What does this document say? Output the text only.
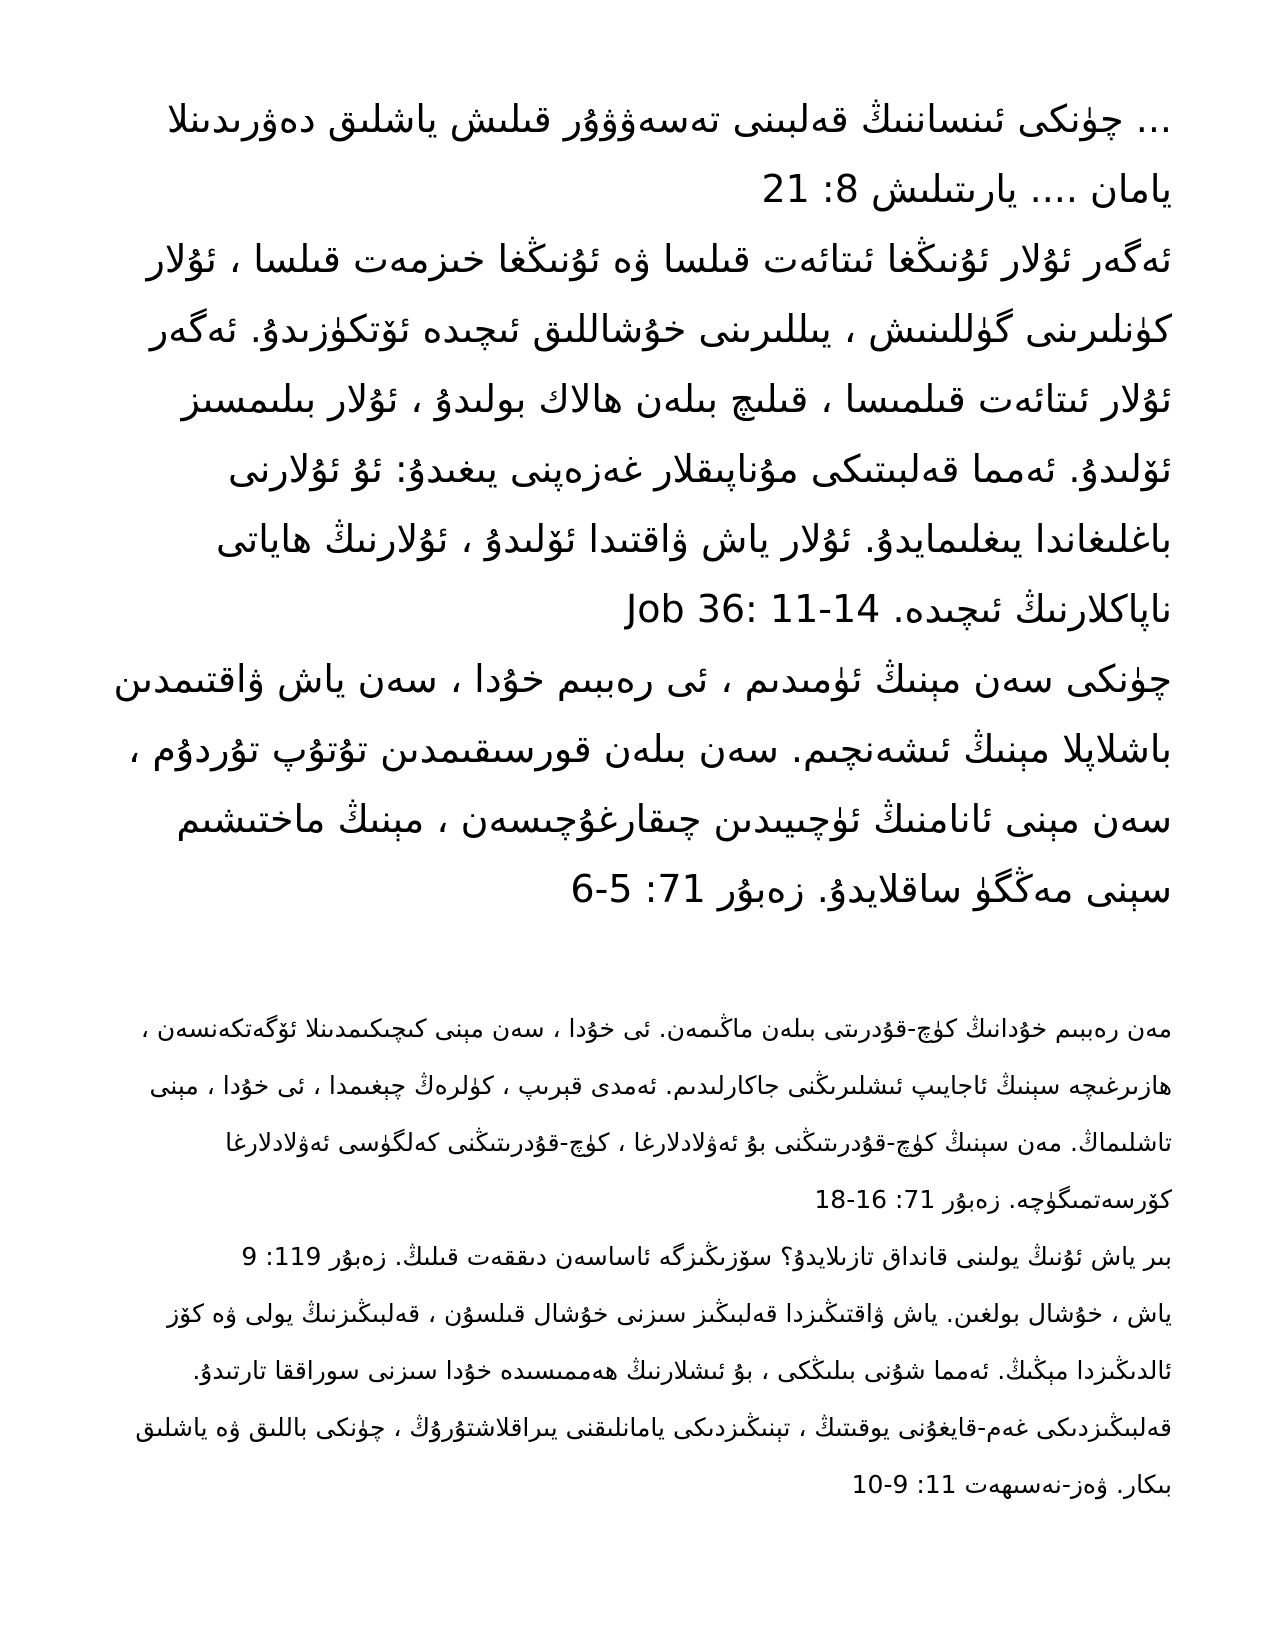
... چۈنكى ئىنساننىڭ قەلبىنى تەسەۋۋۇر قىلىش ياشلىق دەۋرىدىنلا يامان .... يارىتىلىش 8: 21

ئەگەر ئۇلار ئۇنىڭغا ئىتائەت قىلسا ۋە ئۇنىڭغا خىزمەت قىلسا ، ئۇلار كۈنلىرىنى گۈللىنىش ، يىللىرىنى خۇشاللىق ئىچىدە ئۆتكۈزىدۇ. ئەگەر ئۇلار ئىتائەت قىلمىسا ، قىلىچ بىلەن هالاك بولىدۇ ، ئۇلار بىلىمسىز ئۆلىدۇ. ئەمما قەلبىتىكى مۇناپىقلار غەزەپنى يىغىدۇ: ئۇ ئۇلارنى باغلىغاندا يىغلىمايدۇ. ئۇلار ياش ۋاقتىدا ئۆلىدۇ ، ئۇلارنىڭ هاياتى ناپاكلارنىڭ ئىچىدە. Job 36: 11-14

چۈنكى سەن مېنىڭ ئۈمىدىم ، ئى رەببىم خۇدا ، سەن ياش ۋاقتىمدىن باشلاپلا مېنىڭ ئىشەنچىم. سەن بىلەن قورسىقىمدىن تۇتۇپ تۇردۇم ، سەن مېنى ئانامنىڭ ئۈچىيىدىن چىقارغۇچىسەن ، مېنىڭ ماختىشىم سېنى مەڭگۈ ساقلايدۇ. زەبۇر 71: 5-6

مەن رەببىم خۇدانىڭ كۈچ-قۇدرىتى بىلەن ماڭىمەن. ئى خۇدا ، سەن مېنى كىچىكىمدىنلا ئۆگەتكەنسەن ، هازىرغىچە سېنىڭ ئاجايىپ ئىشلىرىڭنى جاكارلىدىم. ئەمدى قېرىپ ، كۈلرەڭ چېغىمدا ، ئى خۇدا ، مېنى تاشلىماڭ. مەن سېنىڭ كۈچ-قۇدرىتىڭنى بۇ ئەۋلادلارغا ، كۈچ-قۇدرىتىڭنى كەلگۈسى ئەۋلادلارغا كۆرسەتمىگۈچە. زەبۇر 71: 16-18

بىر ياش ئۇنىڭ يولىنى قانداق تازىلايدۇ؟ سۆزىڭىزگە ئاساسەن دىققەت قىلىڭ. زەبۇر 119: 9

ياش ، خۇشال بولغىن. ياش ۋاقتىڭىزدا قەلبىڭىز سىزنى خۇشال قىلسۇن ، قەلبىڭىزنىڭ يولى ۋە كۆز ئالدىڭىزدا مېڭىڭ. ئەمما شۇنى بىلىڭكى ، بۇ ئىشلارنىڭ ھەممىسىدە خۇدا سىزنى سوراققا تارتىدۇ. قەلبىڭىزدىكى غەم-قايغۇنى يوقىتىڭ ، تېنىڭىزدىكى يامانلىقنى يىراقلاشتۇرۇڭ ، چۈنكى باللىق ۋە ياشلىق بىكار. ۋەز-نەسىھەت 11: 9-10
